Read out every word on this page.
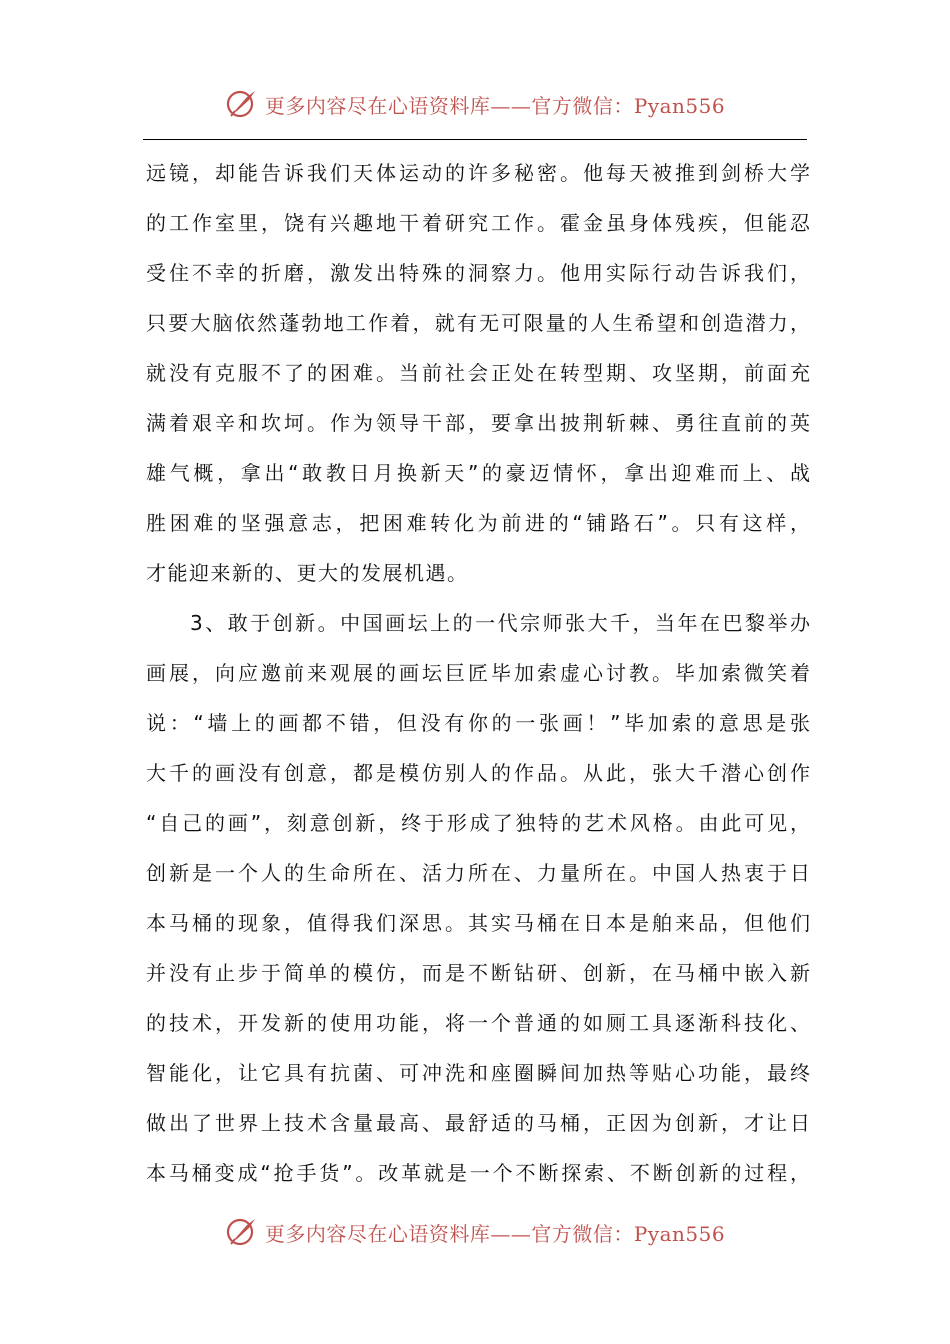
更多内容尽在心语资料库——官方微信：Pyan556
远镜，却能告诉我们天体运动的许多秘密。他每天被推到剑桥大学
的工作室里，饶有兴趣地干着研究工作。霍金虽身体残疾，但能忍
受住不幸的折磨，激发出特殊的洞察力。他用实际行动告诉我们，
只要大脑依然蓬勃地工作着，就有无可限量的人生希望和创造潜力，
就没有克服不了的困难。当前社会正处在转型期、攻坚期，前面充
满着艰辛和坎坷。作为领导干部，要拿出披荆斩棘、勇往直前的英
雄气概，拿出“敢教日月换新天”的豪迈情怀，拿出迎难而上、战
胜困难的坚强意志，把困难转化为前进的“铺路石”。只有这样，
才能迎来新的、更大的发展机遇。
3、敢于创新。中国画坛上的一代宗师张大千，当年在巴黎举办
画展，向应邀前来观展的画坛巨匠毕加索虚心讨教。毕加索微笑着
说：“墙上的画都不错，但没有你的一张画！”毕加索的意思是张
大千的画没有创意，都是模仿别人的作品。从此，张大千潜心创作
“自己的画”，刻意创新，终于形成了独特的艺术风格。由此可见，
创新是一个人的生命所在、活力所在、力量所在。中国人热衷于日
本马桶的现象，值得我们深思。其实马桶在日本是舶来品，但他们
并没有止步于简单的模仿，而是不断钻研、创新，在马桶中嵌入新
的技术，开发新的使用功能，将一个普通的如厕工具逐渐科技化、
智能化，让它具有抗菌、可冲洗和座圈瞬间加热等贴心功能，最终
做出了世界上技术含量最高、最舒适的马桶，正因为创新，才让日
本马桶变成“抢手货”。改革就是一个不断探索、不断创新的过程，
更多内容尽在心语资料库——官方微信：Pyan556
